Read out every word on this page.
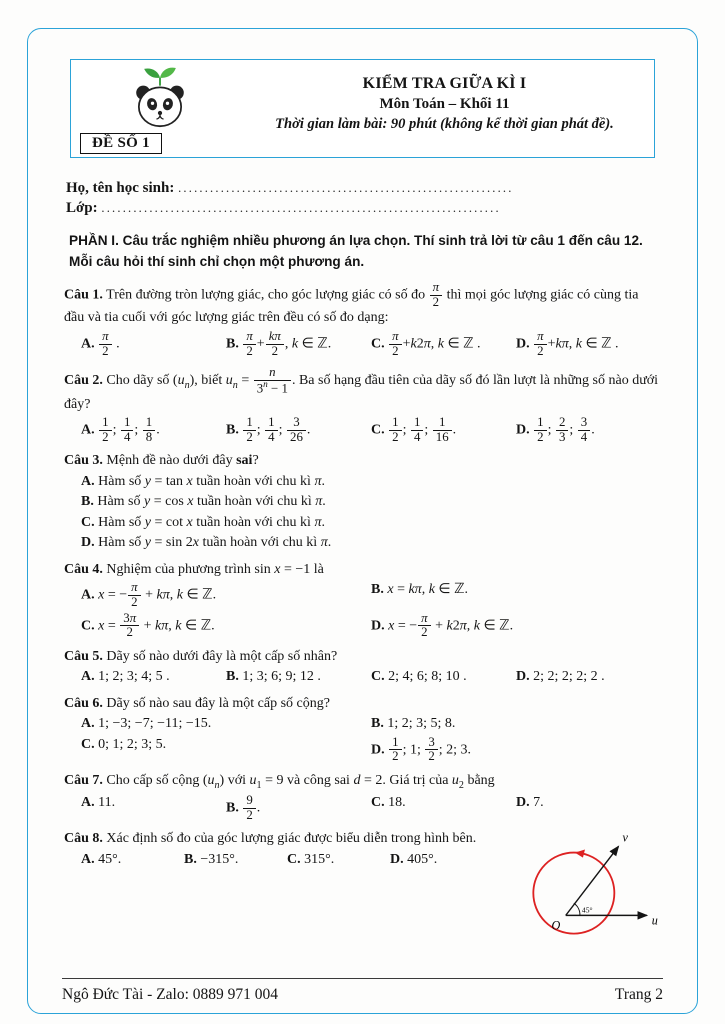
ĐỀ SỐ 1
KIỂM TRA GIỮA KÌ I
Môn Toán – Khối 11
Thời gian làm bài: 90 phút (không kể thời gian phát đề).
Họ, tên học sinh: ...............................................................
Lớp: ...........................................................................
PHẦN I. Câu trắc nghiệm nhiều phương án lựa chọn. Thí sinh trả lời từ câu 1 đến câu 12. Mỗi câu hỏi thí sinh chỉ chọn một phương án.
Câu 1. Trên đường tròn lượng giác, cho góc lượng giác có số đo $\frac{\pi}{2}$ thì mọi góc lượng giác có cùng tia đầu và tia cuối với góc lượng giác trên đều có số đo dạng:
A. $\frac{\pi}{2}$ .	B. $\frac{\pi}{2} + \frac{k\pi}{2}$ , k ∈ ℤ.	C. $\frac{\pi}{2} +k2\pi$, k ∈ ℤ .	D. $\frac{\pi}{2} +k\pi$, k ∈ ℤ .
Câu 2. Cho dãy số $(u_n)$, biết $u_n = \frac{n}{3^n - 1}$ . Ba số hạng đầu tiên của dãy số đó lần lượt là những số nào dưới đây?
A. $\frac{1}{2}$ ; $\frac{1}{4}$ ; $\frac{1}{8}$ .	B. $\frac{1}{2}$ ; $\frac{1}{4}$ ; $\frac{3}{26}$ .	C. $\frac{1}{2}$ ; $\frac{1}{4}$ ; $\frac{1}{16}$ .	D. $\frac{1}{2}$ ; $\frac{2}{3}$ ; $\frac{3}{4}$ .
Câu 3. Mệnh đề nào dưới đây sai?
A. Hàm số y = tan x tuần hoàn với chu kì π.
B. Hàm số y = cos x tuần hoàn với chu kì π.
C. Hàm số y = cot x tuần hoàn với chu kì π.
D. Hàm số y = sin 2x tuần hoàn với chu kì π.
Câu 4. Nghiệm của phương trình sin x = −1 là
A. x = − $\frac{\pi}{2} + k\pi$, k ∈ ℤ.	B. x = kπ, k ∈ ℤ.
C. $x = \frac{3\pi}{2} + k\pi$, k ∈ ℤ.	D. x = − $\frac{\pi}{2} + k2\pi$, k ∈ ℤ.
Câu 5. Dãy số nào dưới đây là một cấp số nhân?
A. 1; 2; 3; 4; 5 .	B. 1; 3; 6; 9; 12 .	C. 2; 4; 6; 8; 10 .	D. 2; 2; 2; 2; 2 .
Câu 6. Dãy số nào sau đây là một cấp số cộng?
A. 1; −3; −7; −11; −15.	B. 1; 2; 3; 5; 8.
C. 0; 1; 2; 3; 5.	D. $\frac{1}{2}$ ; 1; $\frac{3}{2}$ ; 2; 3.
Câu 7. Cho cấp số cộng $(u_n)$ với $u_1 = 9$ và công sai d = 2. Giá trị của $u_2$ bằng
A. 11.	B. $\frac{9}{2}$ .	C. 18.	D. 7.
Câu 8. Xác định số đo của góc lượng giác được biểu diễn trong hình bên.
A. 45°.	B. −315°.	C. 315°.	D. 405°.
45°
v
u
O
Ngô Đức Tài - Zalo: 0889 971 004	Trang 2
